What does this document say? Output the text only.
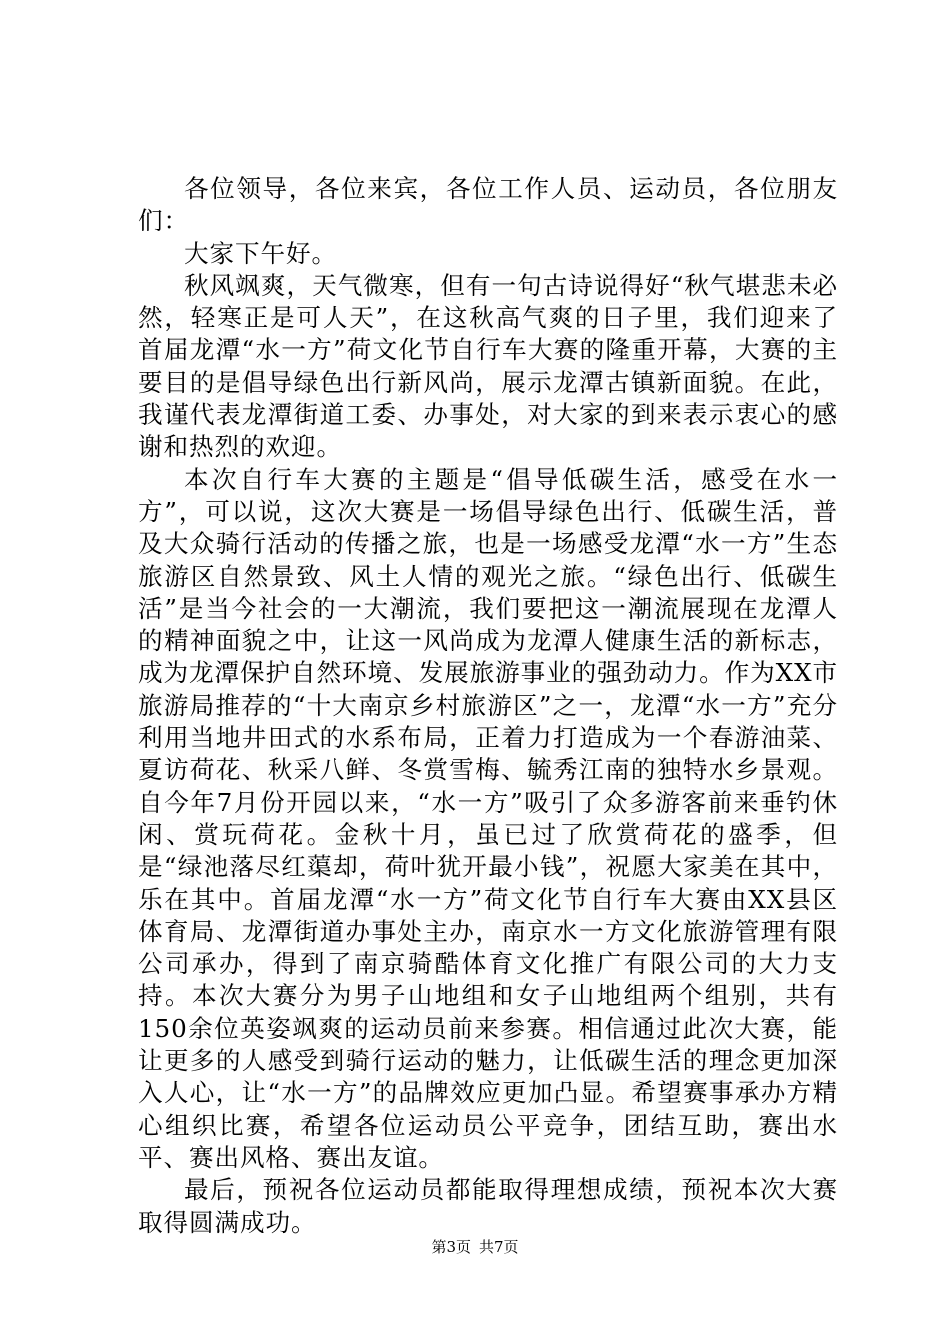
各位领导，各位来宾，各位工作人员、运动员，各位朋友们：

大家下午好。

秋风飒爽，天气微寒，但有一句古诗说得好“秋气堪悲未必然，轻寒正是可人天”，在这秋高气爽的日子里，我们迎来了首届龙潭“水一方”荷文化节自行车大赛的隆重开幕，大赛的主要目的是倡导绿色出行新风尚，展示龙潭古镇新面貌。在此，我谨代表龙潭街道工委、办事处，对大家的到来表示衷心的感谢和热烈的欢迎。

本次自行车大赛的主题是“倡导低碳生活，感受在水一方”，可以说，这次大赛是一场倡导绿色出行、低碳生活，普及大众骑行活动的传播之旅，也是一场感受龙潭“水一方”生态旅游区自然景致、风土人情的观光之旅。“绿色出行、低碳生活”是当今社会的一大潮流，我们要把这一潮流展现在龙潭人的精神面貌之中，让这一风尚成为龙潭人健康生活的新标志，成为龙潭保护自然环境、发展旅游事业的强劲动力。作为XX市旅游局推荐的“十大南京乡村旅游区”之一，龙潭“水一方”充分利用当地井田式的水系布局，正着力打造成为一个春游油菜、夏访荷花、秋采八鲜、冬赏雪梅、毓秀江南的独特水乡景观。自今年7月份开园以来，“水一方”吸引了众多游客前来垂钓休闲、赏玩荷花。金秋十月，虽已过了欣赏荷花的盛季，但是“绿池落尽红蕖却，荷叶犹开最小钱”，祝愿大家美在其中，乐在其中。首届龙潭“水一方”荷文化节自行车大赛由XX县区体育局、龙潭街道办事处主办，南京水一方文化旅游管理有限公司承办，得到了南京骑酷体育文化推广有限公司的大力支持。本次大赛分为男子山地组和女子山地组两个组别，共有150余位英姿飒爽的运动员前来参赛。相信通过此次大赛，能让更多的人感受到骑行运动的魅力，让低碳生活的理念更加深入人心，让“水一方”的品牌效应更加凸显。希望赛事承办方精心组织比赛，希望各位运动员公平竞争，团结互助，赛出水平、赛出风格、赛出友谊。

最后，预祝各位运动员都能取得理想成绩，预祝本次大赛取得圆满成功。

第3页 共7页
